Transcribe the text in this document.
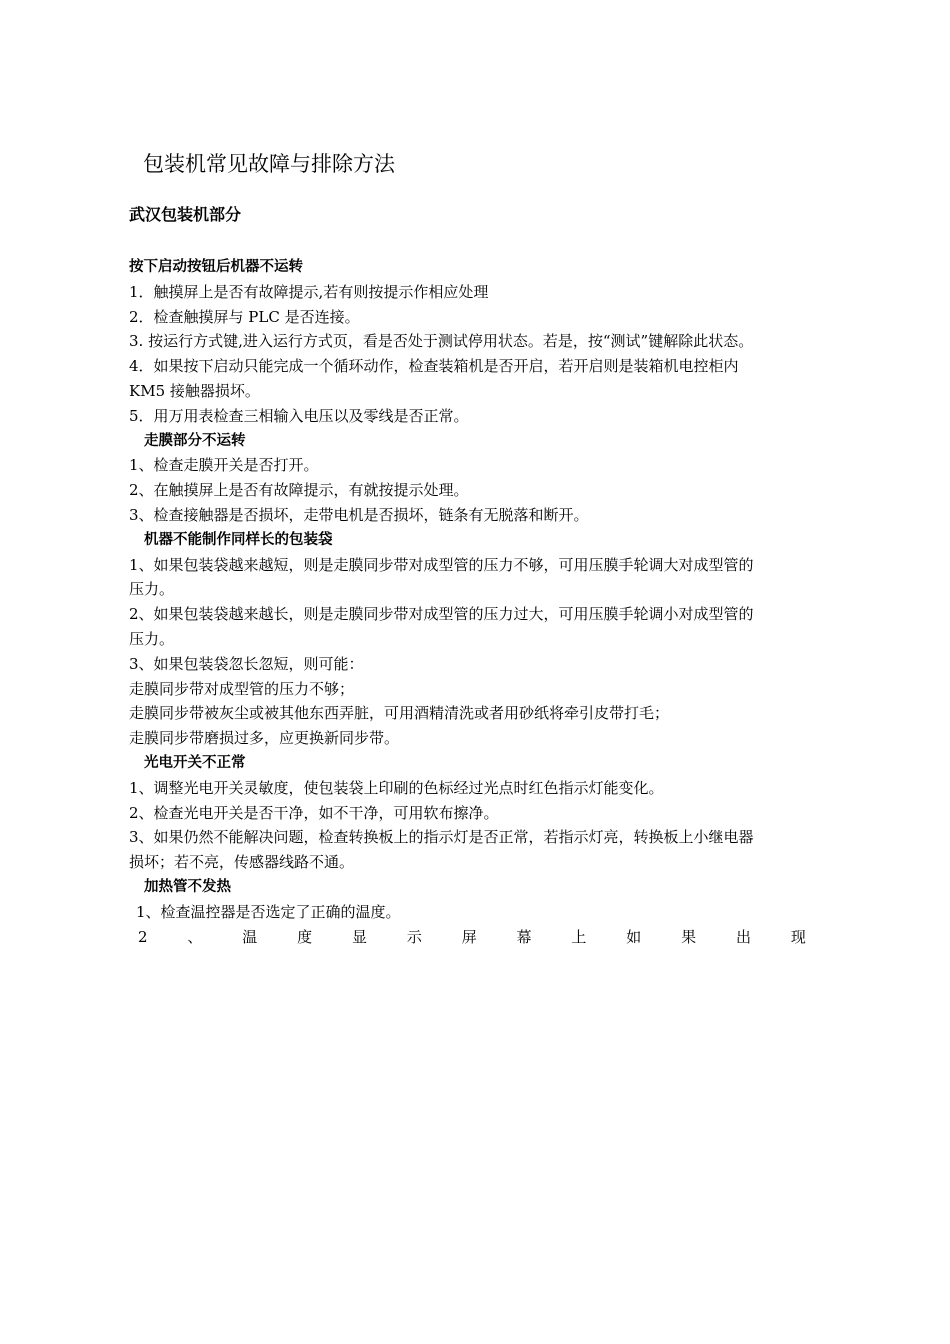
包装机常见故障与排除方法
武汉包装机部分

按下启动按钮后机器不运转

1．触摸屏上是否有故障提示,若有则按提示作相应处理

2．检查触摸屏与 PLC 是否连接。

3. 按运行方式键,进入运行方式页，看是否处于测试停用状态。若是，按“测试”键解除此状态。

4．如果按下启动只能完成一个循环动作，检查装箱机是否开启，若开启则是装箱机电控柜内

KM5 接触器损坏。

5．用万用表检查三相输入电压以及零线是否正常。

走膜部分不运转

1、检查走膜开关是否打开。

2、在触摸屏上是否有故障提示，有就按提示处理。

3、检查接触器是否损坏，走带电机是否损坏，链条有无脱落和断开。

机器不能制作同样长的包装袋

1、如果包装袋越来越短，则是走膜同步带对成型管的压力不够，可用压膜手轮调大对成型管的

压力。

2、如果包装袋越来越长，则是走膜同步带对成型管的压力过大，可用压膜手轮调小对成型管的

压力。

3、如果包装袋忽长忽短，则可能：

走膜同步带对成型管的压力不够；

走膜同步带被灰尘或被其他东西弄脏，可用酒精清洗或者用砂纸将牵引皮带打毛；

走膜同步带磨损过多，应更换新同步带。

光电开关不正常

1、调整光电开关灵敏度，使包装袋上印刷的色标经过光点时红色指示灯能变化。

2、检查光电开关是否干净，如不干净，可用软布擦净。

3、如果仍然不能解决问题，检查转换板上的指示灯是否正常，若指示灯亮，转换板上小继电器

损坏；若不亮，传感器线路不通。

加热管不发热

1、检查温控器是否选定了正确的温度。

2	、	温	度	显	示	屏	幕	上	如	果	出	现
